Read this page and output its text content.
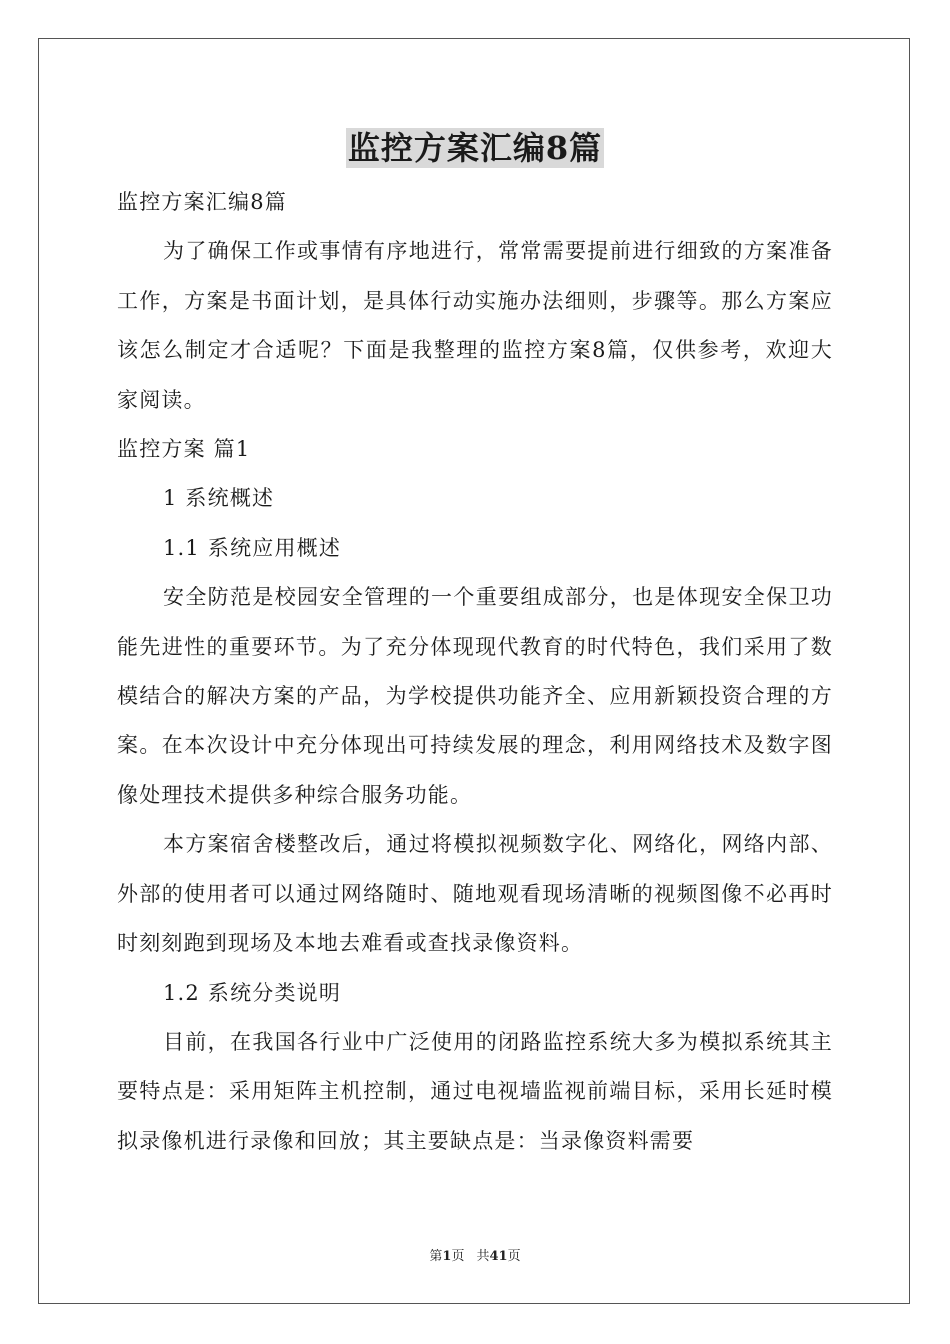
监控方案汇编8篇

监控方案汇编8篇

为了确保工作或事情有序地进行，常常需要提前进行细致的方案准备工作，方案是书面计划，是具体行动实施办法细则，步骤等。那么方案应该怎么制定才合适呢？下面是我整理的监控方案8篇，仅供参考，欢迎大家阅读。

监控方案 篇1

1 系统概述

1.1 系统应用概述

安全防范是校园安全管理的一个重要组成部分，也是体现安全保卫功能先进性的重要环节。为了充分体现现代教育的时代特色，我们采用了数模结合的解决方案的产品，为学校提供功能齐全、应用新颖投资合理的方案。在本次设计中充分体现出可持续发展的理念，利用网络技术及数字图像处理技术提供多种综合服务功能。

本方案宿舍楼整改后，通过将模拟视频数字化、网络化，网络内部、外部的使用者可以通过网络随时、随地观看现场清晰的视频图像不必再时时刻刻跑到现场及本地去难看或查找录像资料。

1.2 系统分类说明

目前，在我国各行业中广泛使用的闭路监控系统大多为模拟系统其主要特点是：采用矩阵主机控制，通过电视墙监视前端目标，采用长延时模拟录像机进行录像和回放；其主要缺点是：当录像资料需要

第1页 共41页
